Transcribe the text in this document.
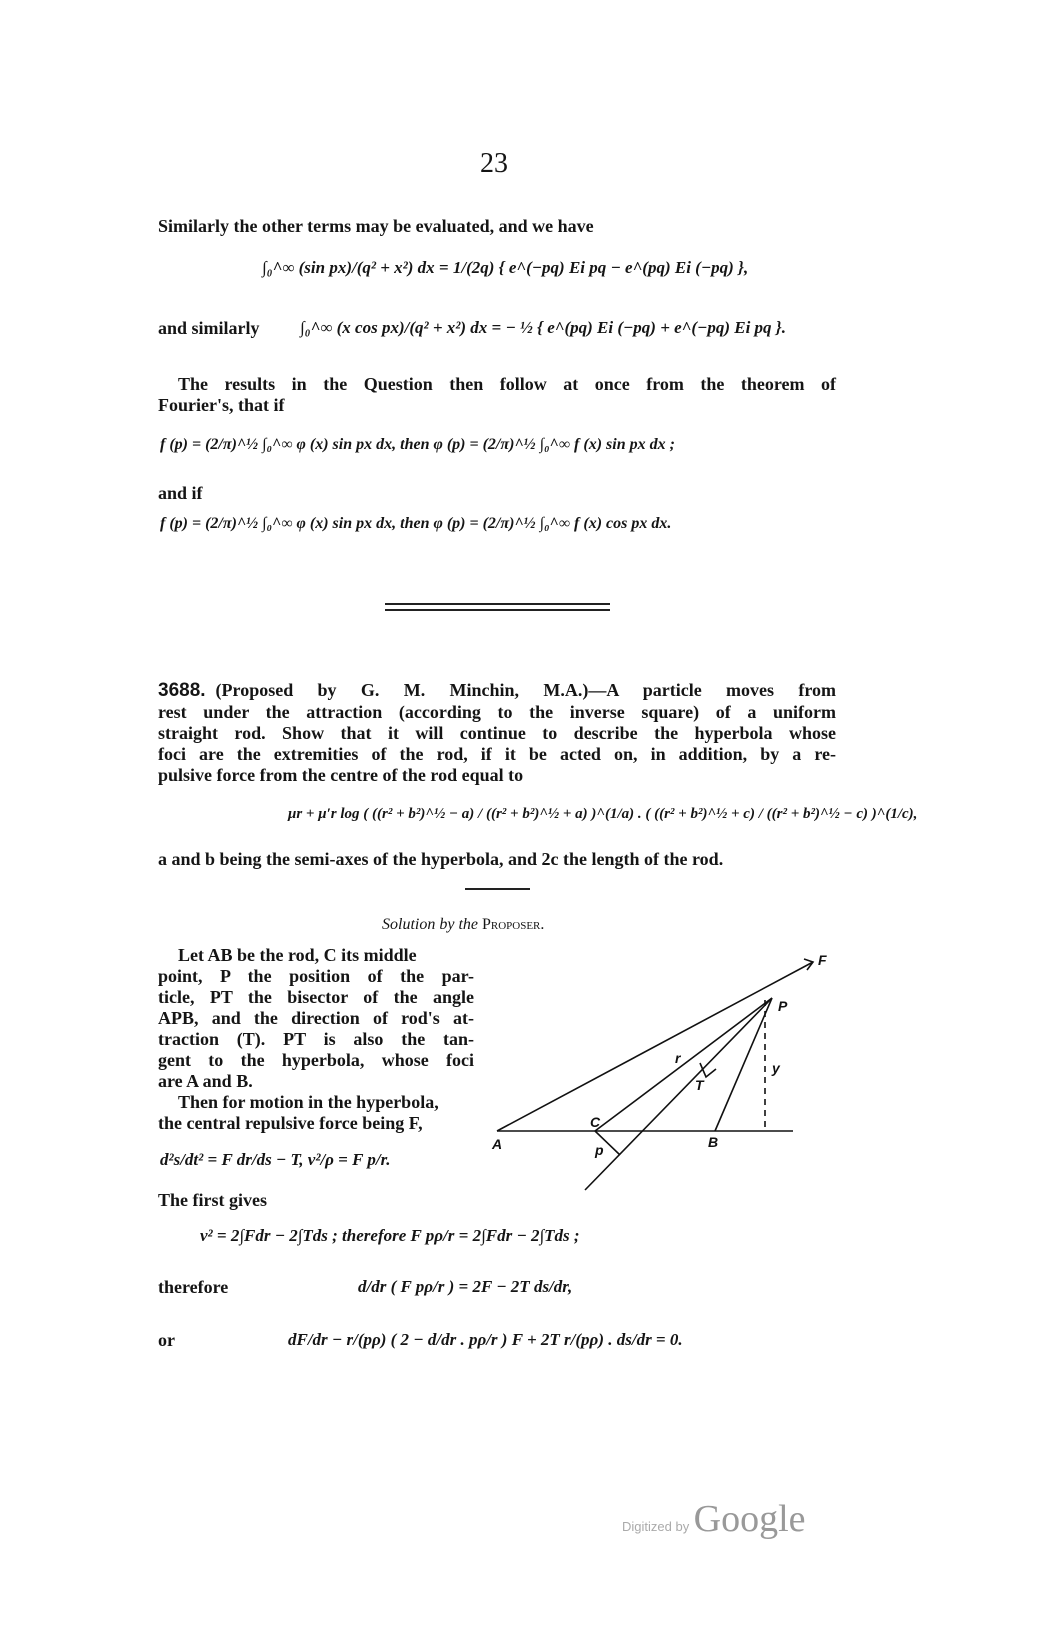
23
Similarly the other terms may be evaluated, and we have
∫₀^∞ (sin px)/(q² + x²) dx = 1/(2q) { e^(−pq) Ei pq − e^(pq) Ei (−pq) },
and similarly ∫₀^∞ (x cos px)/(q² + x²) dx = − ½ { e^(pq) Ei (−pq) + e^(−pq) Ei pq }.
The results in the Question then follow at once from the theorem of
Fourier's, that if
f (p) = (2/π)^½ ∫₀^∞ φ (x) sin px dx, then φ (p) = (2/π)^½ ∫₀^∞ f (x) sin px dx ;
and if
f (p) = (2/π)^½ ∫₀^∞ φ (x) sin px dx, then φ (p) = (2/π)^½ ∫₀^∞ f (x) cos px dx.
3688. (Proposed by G. M. Minchin, M.A.)—A particle moves from
rest under the attraction (according to the inverse square) of a uniform
straight rod. Show that it will continue to describe the hyperbola whose
foci are the extremities of the rod, if it be acted on, in addition, by a re-
pulsive force from the centre of the rod equal to
μr + μ′r log ( ((r² + b²)^½ − a) / ((r² + b²)^½ + a) )^(1/a) . ( ((r² + b²)^½ + c) / ((r² + b²)^½ − c) )^(1/c),
a and b being the semi-axes of the hyperbola, and 2c the length of the rod.
Solution by the Proposer.
Let AB be the rod, C its middle
point, P the position of the par-
ticle, PT the bisector of the angle
APB, and the direction of rod's at-
traction (T). PT is also the tan-
gent to the hyperbola, whose foci
are A and B.
Then for motion in the hyperbola,
the central repulsive force being F,
A
C
B
P
F
T
r
y
p
d²s/dt² = F dr/ds − T, v²/ρ = F p/r.
The first gives
v² = 2∫Fdr − 2∫Tds ; therefore F pρ/r = 2∫Fdr − 2∫Tds ;
therefore	d/dr ( F pρ/r ) = 2F − 2T ds/dr,
or	dF/dr − r/(pρ) ( 2 − d/dr . pρ/r ) F + 2T r/(pρ) . ds/dr = 0.
Digitized by Google
